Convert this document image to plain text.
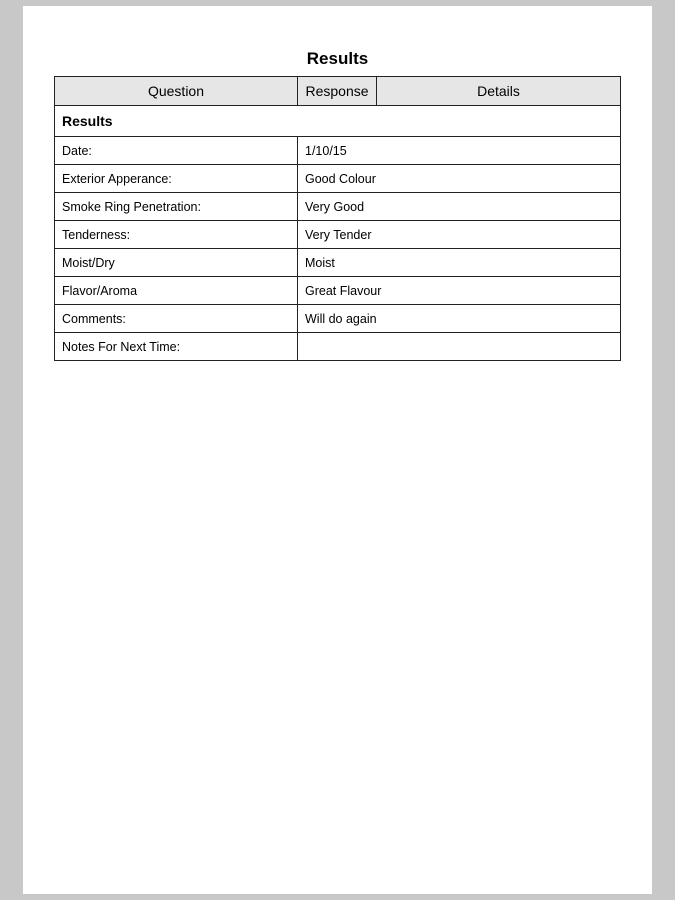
Results
Question	Response	Details
Results		
Date:	1/10/15	
Exterior Apperance:	Good Colour	
Smoke Ring Penetration:	Very Good	
Tenderness:	Very Tender	
Moist/Dry	Moist	
Flavor/Aroma	Great Flavour	
Comments:	Will do again	
Notes For Next Time:		
